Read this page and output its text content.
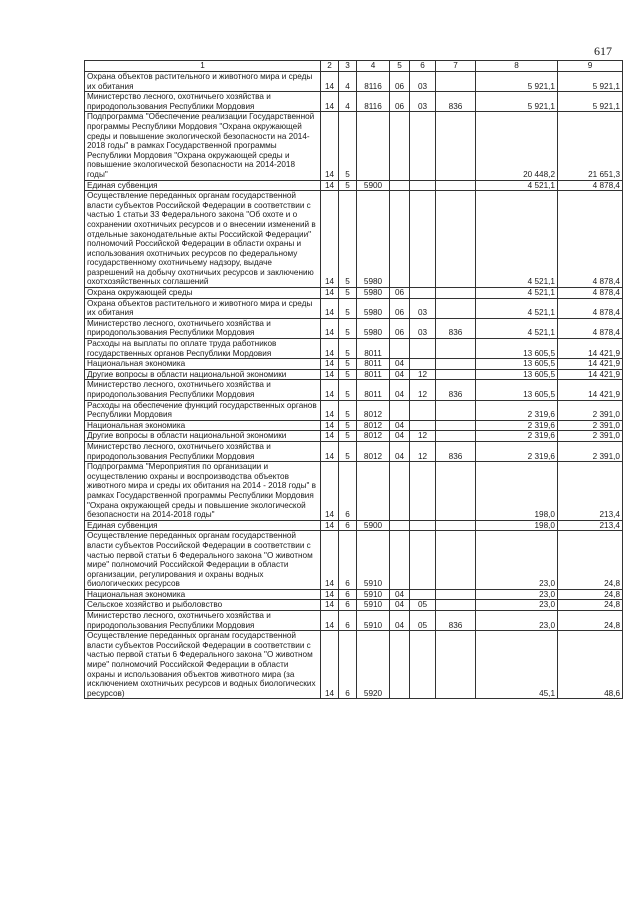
617
1	2	3	4	5	6	7	8	9
Охрана объектов растительного и животного мира и среды их обитания	14	4	8116	06	03		5 921,1	5 921,1
Министерство лесного, охотничьего хозяйства и природопользования Республики Мордовия	14	4	8116	06	03	836	5 921,1	5 921,1
Подпрограмма "Обеспечение реализации Государственной программы Республики Мордовия "Охрана окружающей среды и повышение экологической безопасности на 2014-2018 годы" в рамках Государственной программы Республики Мордовия "Охрана окружающей среды и повышение экологической безопасности на 2014-2018 годы"	14	5					20 448,2	21 651,3
Единая субвенция	14	5	5900				4 521,1	4 878,4
Осуществление переданных органам государственной власти субъектов Российской Федерации в соответствии с частью 1 статьи 33 Федерального закона "Об охоте и о сохранении охотничьих ресурсов и о внесении изменений в отдельные законодательные акты Российской Федерации" полномочий Российской Федерации в области охраны и использования охотничьих ресурсов по федеральному государственному охотничьему надзору, выдаче разрешений на добычу охотничьих ресурсов и заключению охотхозяйственных соглашений	14	5	5980				4 521,1	4 878,4
Охрана окружающей среды	14	5	5980	06			4 521,1	4 878,4
Охрана объектов растительного и животного мира и среды их обитания	14	5	5980	06	03		4 521,1	4 878,4
Министерство лесного, охотничьего хозяйства и природопользования Республики Мордовия	14	5	5980	06	03	836	4 521,1	4 878,4
Расходы на выплаты по оплате труда работников государственных органов Республики Мордовия	14	5	8011				13 605,5	14 421,9
Национальная экономика	14	5	8011	04			13 605,5	14 421,9
Другие вопросы в области национальной экономики	14	5	8011	04	12		13 605,5	14 421,9
Министерство лесного, охотничьего хозяйства и природопользования Республики Мордовия	14	5	8011	04	12	836	13 605,5	14 421,9
Расходы на обеспечение функций государственных органов Республики Мордовия	14	5	8012				2 319,6	2 391,0
Национальная экономика	14	5	8012	04			2 319,6	2 391,0
Другие вопросы в области национальной экономики	14	5	8012	04	12		2 319,6	2 391,0
Министерство лесного, охотничьего хозяйства и природопользования Республики Мордовия	14	5	8012	04	12	836	2 319,6	2 391,0
Подпрограмма "Мероприятия по организации и осуществлению охраны и воспроизводства объектов животного мира и среды их обитания на 2014 - 2018 годы" в рамках Государственной программы Республики Мордовия "Охрана окружающей среды и повышение экологической безопасности на 2014-2018 годы"	14	6					198,0	213,4
Единая субвенция	14	6	5900				198,0	213,4
Осуществление переданных органам государственной власти субъектов Российской Федерации в соответствии с частью первой статьи 6 Федерального закона "О животном мире" полномочий Российской Федерации в области организации, регулирования и охраны водных биологических ресурсов	14	6	5910				23,0	24,8
Национальная экономика	14	6	5910	04			23,0	24,8
Сельское хозяйство и рыболовство	14	6	5910	04	05		23,0	24,8
Министерство лесного, охотничьего хозяйства и природопользования Республики Мордовия	14	6	5910	04	05	836	23,0	24,8
Осуществление переданных органам государственной власти субъектов Российской Федерации в соответствии с частью первой статьи 6 Федерального закона "О животном мире" полномочий Российской Федерации в области охраны и использования объектов животного мира (за исключением охотничьих ресурсов и водных биологических ресурсов)	14	6	5920				45,1	48,6
